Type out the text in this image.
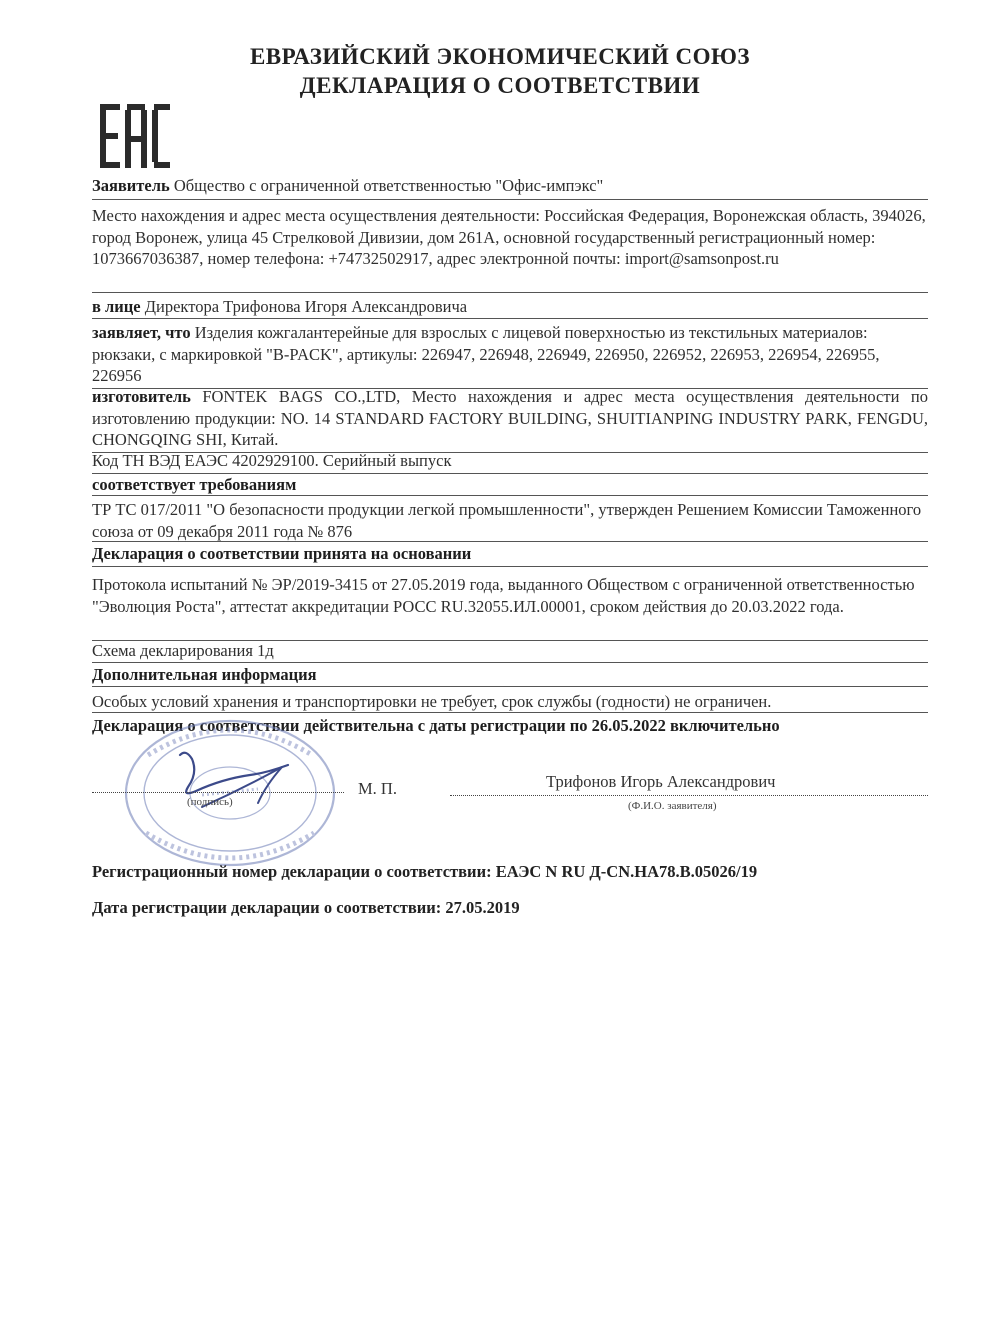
ЕВРАЗИЙСКИЙ ЭКОНОМИЧЕСКИЙ СОЮЗ
ДЕКЛАРАЦИЯ О СООТВЕТСТВИИ
Заявитель Общество с ограниченной ответственностью "Офис-импэкс"
Место нахождения и адрес места осуществления деятельности: Российская Федерация, Воронежская область, 394026, город Воронеж, улица 45 Стрелковой Дивизии, дом 261А, основной государственный регистрационный номер: 1073667036387, номер телефона: +74732502917, адрес электронной почты: import@samsonpost.ru
в лице Директора Трифонова Игоря Александровича
заявляет, что Изделия кожгалантерейные для взрослых с лицевой поверхностью из текстильных материалов: рюкзаки, с маркировкой "B-PACK", артикулы: 226947, 226948, 226949, 226950, 226952, 226953, 226954, 226955, 226956
изготовитель FONTEK BAGS CO.,LTD, Место нахождения и адрес места осуществления деятельности по изготовлению продукции: NO. 14 STANDARD FACTORY BUILDING, SHUITIANPING INDUSTRY PARK, FENGDU, CHONGQING SHI, Китай.
Код ТН ВЭД ЕАЭС 4202929100. Серийный выпуск
соответствует требованиям
ТР ТС 017/2011 "О безопасности продукции легкой промышленности", утвержден Решением Комиссии Таможенного союза от 09 декабря 2011 года № 876
Декларация о соответствии принята на основании
Протокола испытаний № ЭР/2019-3415 от 27.05.2019 года, выданного Обществом с ограниченной ответственностью "Эволюция Роста", аттестат аккредитации РОСС RU.32055.ИЛ.00001, сроком действия до 20.03.2022 года.
Схема декларирования 1д
Дополнительная информация
Особых условий хранения и транспортировки не требует, срок службы (годности) не ограничен.
Декларация о соответствии действительна с даты регистрации по 26.05.2022 включительно
(подпись)
М. П.	Трифонов Игорь Александрович
(Ф.И.О. заявителя)
Регистрационный номер декларации о соответствии: ЕАЭС N RU Д-CN.HA78.B.05026/19
Дата регистрации декларации о соответствии: 27.05.2019
